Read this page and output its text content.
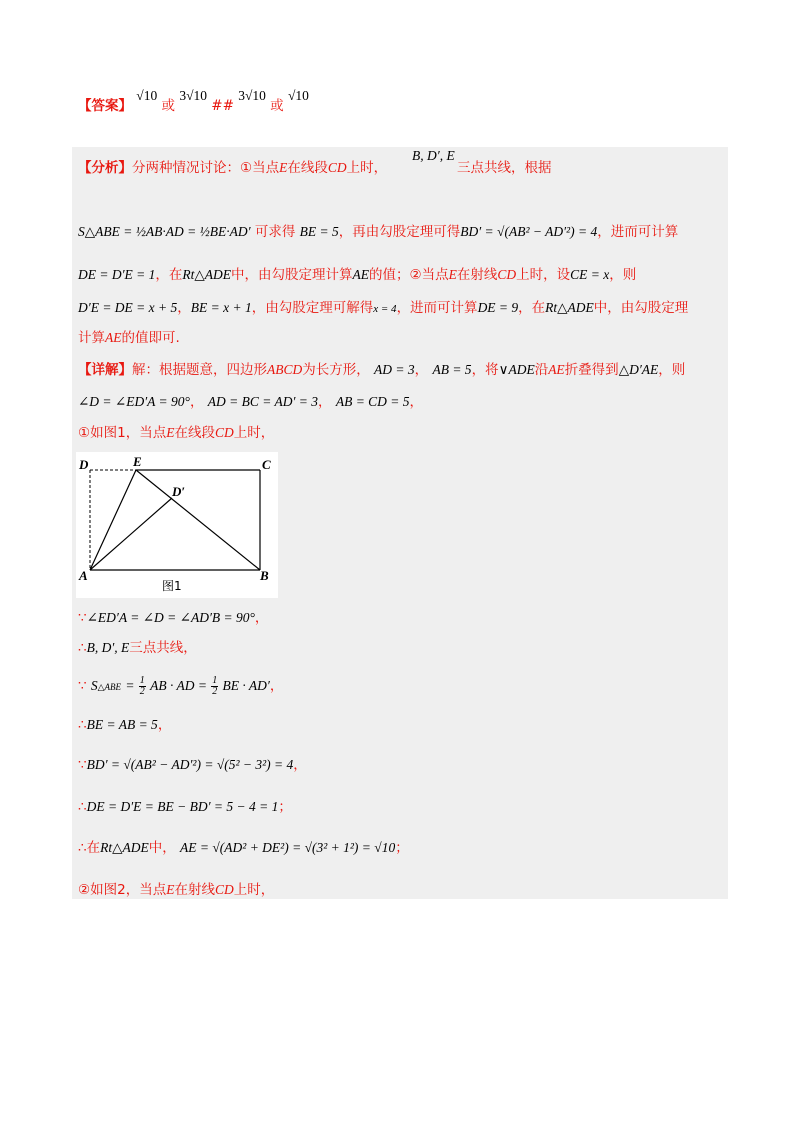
【答案】 √10 或 3√10 ## 3√10 或 √10
【分析】分两种情况讨论：①当点E在线段CD上时，
B, D′, E
三点共线，根据
S△ABE = ½AB·AD = ½BE·AD′ 可求得 BE = 5，再由勾股定理可得BD′ = √(AB² − AD′²) = 4，进而可计算
DE = D′E = 1，在Rt△ADE中，由勾股定理计算AE的值；②当点E在射线CD上时，设CE = x，则
D′E = DE = x + 5，BE = x + 1，由勾股定理可解得x = 4，进而可计算DE = 9，在Rt△ADE中，由勾股定理
计算AE的值即可.
【详解】解：根据题意，四边形ABCD为长方形， AD = 3， AB = 5，将∨ADE沿AE折叠得到△D′AE，则
∠D = ∠ED′A = 90°， AD = BC = AD′ = 3， AB = CD = 5，
①如图1，当点E在线段CD上时，
D	E	C
D′
A	B
图1
∵∠ED′A = ∠D = ∠AD′B = 90°，
∴B, D′, E三点共线，
∵ S△ABE = $\frac{1}{2}$ AB · AD = $\frac{1}{2}$ BE · AD′，
∴BE = AB = 5，
∵BD′ = √(AB² − AD′²) = √(5² − 3²) = 4，
∴DE = D′E = BE − BD′ = 5 − 4 = 1；
∴在Rt△ADE中， AE = √(AD² + DE²) = √(3² + 1²) = √10；
②如图2，当点E在射线CD上时，
